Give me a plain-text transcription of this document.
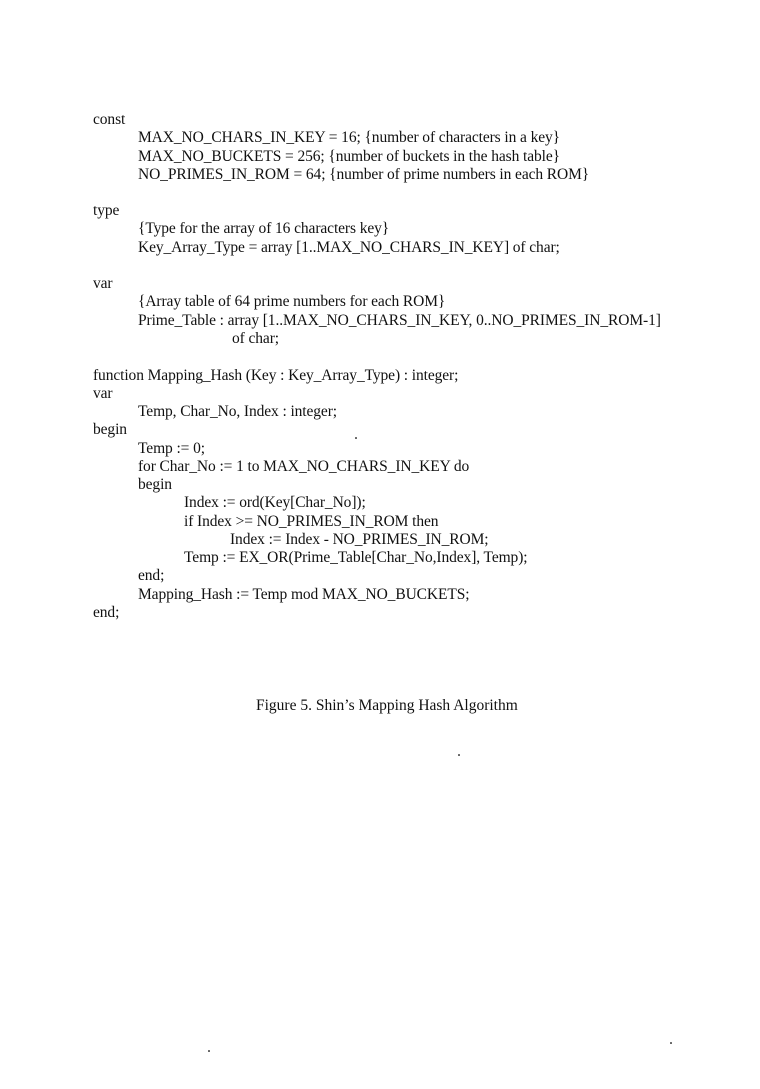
const
MAX_NO_CHARS_IN_KEY = 16; {number of characters in a key}
MAX_NO_BUCKETS = 256; {number of buckets in the hash table}
NO_PRIMES_IN_ROM = 64; {number of prime numbers in each ROM}
type
{Type for the array of 16 characters key}
Key_Array_Type = array [1..MAX_NO_CHARS_IN_KEY] of char;
var
{Array table of 64 prime numbers for each ROM}
Prime_Table : array [1..MAX_NO_CHARS_IN_KEY, 0..NO_PRIMES_IN_ROM-1]
of char;
function Mapping_Hash (Key : Key_Array_Type) : integer;
var
Temp, Char_No, Index : integer;
begin
Temp := 0;
for Char_No := 1 to MAX_NO_CHARS_IN_KEY do
begin
Index := ord(Key[Char_No]);
if Index >= NO_PRIMES_IN_ROM then
Index := Index - NO_PRIMES_IN_ROM;
Temp := EX_OR(Prime_Table[Char_No,Index], Temp);
end;
Mapping_Hash := Temp mod MAX_NO_BUCKETS;
end;
Figure 5. Shin’s Mapping Hash Algorithm
